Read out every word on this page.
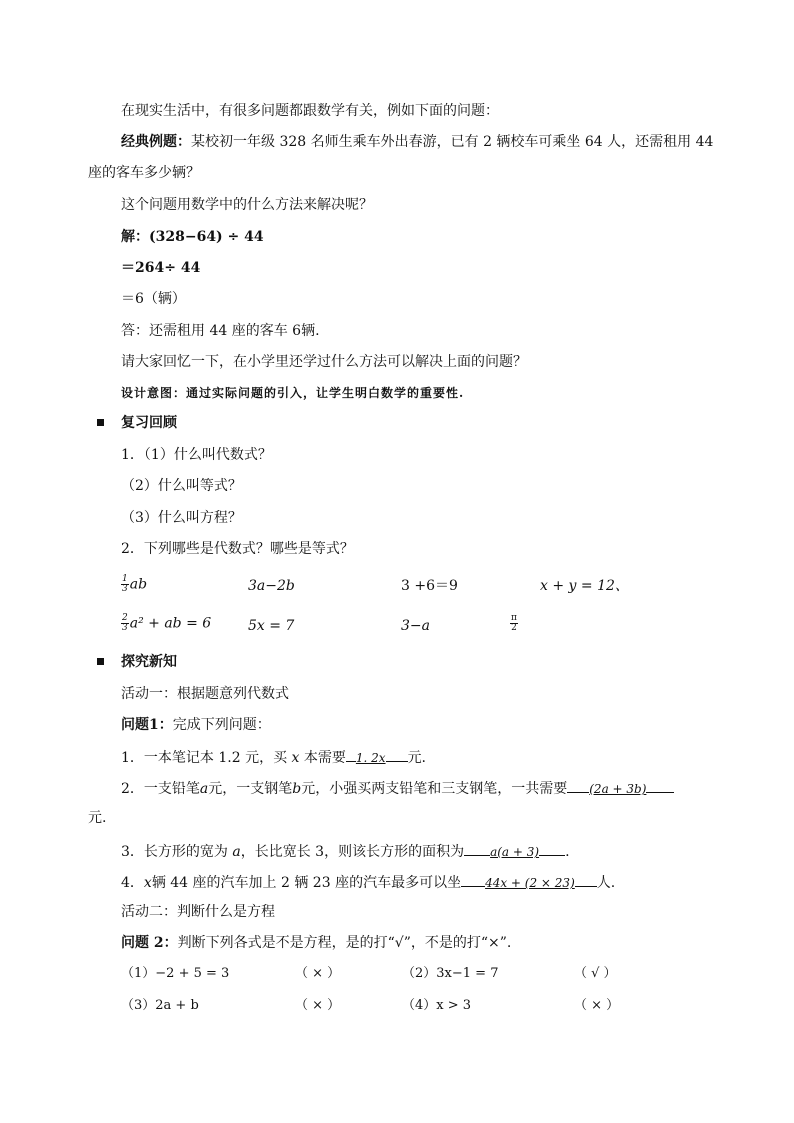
在现实生活中，有很多问题都跟数学有关，例如下面的问题：
经典例题：某校初一年级 328 名师生乘车外出春游，已有 2 辆校车可乘坐 64 人，还需租用 44
座的客车多少辆？
这个问题用数学中的什么方法来解决呢？
解：(328−64) ÷ 44
＝264÷ 44
＝6（辆）
答：还需租用 44 座的客车 6辆.
请大家回忆一下，在小学里还学过什么方法可以解决上面的问题？
设计意图：通过实际问题的引入，让学生明白数学的重要性.
复习回顾
1．（1）什么叫代数式？
（2）什么叫等式？
（3）什么叫方程？
2．下列哪些是代数式？哪些是等式？
$\frac{1}{3}$ ab	3a−2b	3 +6＝9	x + y = 12、
$\frac{2}{3} a^2$ + ab = 6	5x = 7	3−a	$\frac{\pi}{2}$
探究新知
活动一：根据题意列代数式
问题1：完成下列问题：
1．一本笔记本 1.2 元，买 x 本需要 1. 2x 元.
2．一支铅笔a元，一支钢笔b元，小强买两支铅笔和三支钢笔，一共需要 (2a + 3b)
元.
3．长方形的宽为 a，长比宽长 3，则该长方形的面积为 a(a + 3) .
4．x辆 44 座的汽车加上 2 辆 23 座的汽车最多可以坐 44x + (2 × 23) 人.
活动二：判断什么是方程
问题 2：判断下列各式是不是方程，是的打“√”，不是的打“×”.
（1）−2 + 5 = 3	（ × ）	（2）3x−1 = 7	（ √ ）
（3）2a + b	（ × ）	（4）x > 3	（ × ）
